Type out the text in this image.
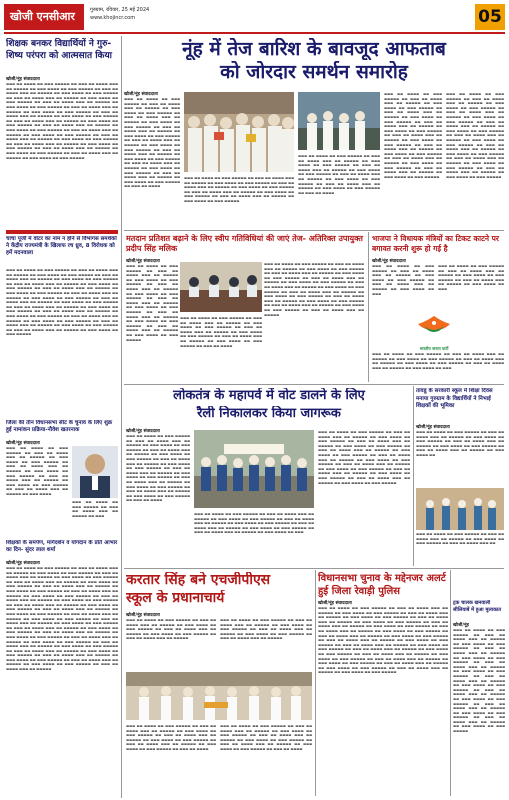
खोजी एनसीआर	गुरुग्राम, रविवार, 25 मई 2024
www.khojincr.com	05
शिक्षक बनकर विद्यार्थियों ने गुरु- शिष्य परंपरा को आत्मसात किया
खोजी/नूंह संवाददाता
▬▬▬ ▬▬ ▬▬▬▬ ▬▬ ▬▬▬ ▬▬▬▬▬ ▬▬ ▬▬▬ ▬▬ ▬▬▬▬ ▬▬▬ ▬▬ ▬▬▬▬▬ ▬▬ ▬▬▬ ▬▬▬▬ ▬▬ ▬▬▬ ▬▬▬▬▬ ▬▬ ▬▬▬ ▬▬ ▬▬▬▬ ▬▬▬ ▬▬ ▬▬▬▬▬ ▬▬ ▬▬▬ ▬▬▬▬ ▬▬ ▬▬▬ ▬▬▬▬▬ ▬▬ ▬▬▬ ▬▬ ▬▬▬▬ ▬▬▬ ▬▬ ▬▬▬▬▬ ▬▬ ▬▬▬ ▬▬▬▬ ▬▬ ▬▬▬ ▬▬▬▬▬ ▬▬ ▬▬▬ ▬▬ ▬▬▬▬ ▬▬▬ ▬▬ ▬▬▬▬▬ ▬▬ ▬▬▬ ▬▬▬▬ ▬▬ ▬▬▬ ▬▬▬▬▬ ▬▬ ▬▬▬ ▬▬ ▬▬▬▬ ▬▬▬ ▬▬ ▬▬▬▬▬ ▬▬ ▬▬▬ ▬▬▬▬ ▬▬ ▬▬▬ ▬▬▬▬▬ ▬▬ ▬▬▬ ▬▬ ▬▬▬▬ ▬▬▬ ▬▬ ▬▬▬▬▬ ▬▬ ▬▬▬ ▬▬▬▬ ▬▬ ▬▬▬ ▬▬▬▬▬ ▬▬ ▬▬▬ ▬▬ ▬▬▬▬ ▬▬▬ ▬▬ ▬▬▬▬▬ ▬▬ ▬▬▬ ▬▬▬▬ ▬▬ ▬▬▬ ▬▬▬▬▬ ▬▬ ▬▬▬ ▬▬ ▬▬▬▬ ▬▬▬ ▬▬ ▬▬▬▬▬ ▬▬ ▬▬▬ ▬▬▬▬ ▬▬ ▬▬▬ ▬▬▬▬▬ ▬▬ ▬▬▬ ▬▬ ▬▬▬▬ ▬▬▬ ▬▬ ▬▬▬▬▬ ▬▬ ▬▬▬ ▬▬▬▬ ▬▬ ▬▬▬ ▬▬▬▬▬ ▬▬ ▬▬▬ ▬▬ ▬▬▬▬ ▬▬▬ ▬▬ ▬▬▬▬▬ ▬▬ ▬▬▬ ▬▬▬▬ ▬▬ ▬▬▬ ▬▬▬▬▬ ▬▬ ▬▬▬ ▬▬ ▬▬▬▬ ▬▬▬ ▬▬ ▬▬▬▬▬ ▬▬ ▬▬▬ ▬▬▬▬ ▬▬ ▬▬▬ ▬▬▬▬▬ ▬▬ ▬▬▬ ▬▬ ▬▬▬▬ ▬▬▬ ▬▬ ▬▬▬▬▬ ▬▬ ▬▬▬ ▬▬▬▬ ▬▬ ▬▬▬ ▬▬▬▬▬ ▬▬ ▬▬▬ ▬▬ ▬▬▬▬ ▬▬▬ ▬▬ ▬▬▬▬▬ ▬▬ ▬▬▬ ▬▬▬▬ ▬▬ ▬▬▬ ▬▬▬▬▬
नूंह में तेज बारिश के बावजूद आफताब
को जोरदार समर्थन समारोह
खोजी/नूंह संवाददाता
▬▬▬ ▬▬ ▬▬▬▬ ▬▬ ▬▬▬ ▬▬▬▬▬ ▬▬ ▬▬▬ ▬▬ ▬▬▬▬ ▬▬▬ ▬▬ ▬▬▬▬▬ ▬▬ ▬▬▬ ▬▬▬▬ ▬▬ ▬▬▬ ▬▬▬▬▬ ▬▬ ▬▬▬ ▬▬ ▬▬▬▬ ▬▬▬ ▬▬ ▬▬▬▬▬ ▬▬ ▬▬▬ ▬▬▬▬ ▬▬ ▬▬▬ ▬▬▬▬▬ ▬▬ ▬▬▬ ▬▬ ▬▬▬▬ ▬▬▬ ▬▬ ▬▬▬▬▬ ▬▬ ▬▬▬ ▬▬▬▬ ▬▬ ▬▬▬ ▬▬▬▬▬ ▬▬ ▬▬▬ ▬▬ ▬▬▬▬ ▬▬▬ ▬▬ ▬▬▬▬▬ ▬▬ ▬▬▬ ▬▬▬▬ ▬▬ ▬▬▬ ▬▬▬▬▬ ▬▬ ▬▬▬ ▬▬ ▬▬▬▬ ▬▬▬ ▬▬ ▬▬▬▬▬ ▬▬ ▬▬▬ ▬▬▬▬ ▬▬ ▬▬▬ ▬▬▬▬▬ ▬▬ ▬▬▬ ▬▬ ▬▬▬▬ ▬▬▬ ▬▬ ▬▬▬▬▬ ▬▬ ▬▬▬ ▬▬▬▬ ▬▬ ▬▬▬ ▬▬▬▬▬ ▬▬ ▬▬▬ ▬▬ ▬▬▬▬ ▬▬▬ ▬▬ ▬▬▬▬▬ ▬▬ ▬▬▬ ▬▬▬▬ ▬▬ ▬▬▬ ▬▬▬▬▬ ▬▬ ▬▬▬ ▬▬ ▬▬▬▬
▬▬▬ ▬▬ ▬▬▬▬ ▬▬ ▬▬▬ ▬▬▬▬▬ ▬▬ ▬▬▬ ▬▬ ▬▬▬▬ ▬▬▬ ▬▬ ▬▬▬▬▬ ▬▬ ▬▬▬ ▬▬▬▬ ▬▬ ▬▬▬ ▬▬▬▬▬ ▬▬ ▬▬▬ ▬▬ ▬▬▬▬ ▬▬▬ ▬▬ ▬▬▬▬▬ ▬▬ ▬▬▬ ▬▬▬▬ ▬▬ ▬▬▬ ▬▬▬▬▬ ▬▬ ▬▬▬ ▬▬ ▬▬▬▬ ▬▬▬ ▬▬ ▬▬▬▬▬ ▬▬ ▬▬▬ ▬▬▬▬ ▬▬ ▬▬▬ ▬▬▬▬▬ ▬▬ ▬▬▬ ▬▬ ▬▬▬▬ ▬▬▬ ▬▬ ▬▬▬▬▬ ▬▬ ▬▬▬ ▬▬▬▬ ▬▬ ▬▬▬ ▬▬▬▬▬
▬▬▬ ▬▬ ▬▬▬▬ ▬▬ ▬▬▬ ▬▬▬▬▬ ▬▬ ▬▬▬ ▬▬ ▬▬▬▬ ▬▬▬ ▬▬ ▬▬▬▬▬ ▬▬ ▬▬▬ ▬▬▬▬ ▬▬ ▬▬▬ ▬▬▬▬▬ ▬▬ ▬▬▬ ▬▬ ▬▬▬▬ ▬▬▬ ▬▬ ▬▬▬▬▬ ▬▬ ▬▬▬ ▬▬▬▬ ▬▬ ▬▬▬ ▬▬▬▬▬ ▬▬ ▬▬▬ ▬▬ ▬▬▬▬ ▬▬▬ ▬▬ ▬▬▬▬▬ ▬▬ ▬▬▬ ▬▬▬▬ ▬▬ ▬▬▬ ▬▬▬▬▬ ▬▬ ▬▬▬ ▬▬ ▬▬▬▬ ▬▬▬ ▬▬ ▬▬▬▬▬ ▬▬ ▬▬▬ ▬▬▬▬ ▬▬ ▬▬▬ ▬▬▬▬▬ ▬▬ ▬▬▬ ▬▬ ▬▬▬▬
▬▬▬ ▬▬ ▬▬▬▬ ▬▬ ▬▬▬ ▬▬▬▬▬ ▬▬ ▬▬▬ ▬▬ ▬▬▬▬ ▬▬▬ ▬▬ ▬▬▬▬▬ ▬▬ ▬▬▬ ▬▬▬▬ ▬▬ ▬▬▬ ▬▬▬▬▬ ▬▬ ▬▬▬ ▬▬ ▬▬▬▬ ▬▬▬ ▬▬ ▬▬▬▬▬ ▬▬ ▬▬▬ ▬▬▬▬ ▬▬ ▬▬▬ ▬▬▬▬▬ ▬▬ ▬▬▬ ▬▬ ▬▬▬▬ ▬▬▬ ▬▬ ▬▬▬▬▬ ▬▬ ▬▬▬ ▬▬▬▬ ▬▬ ▬▬▬ ▬▬▬▬▬ ▬▬ ▬▬▬ ▬▬ ▬▬▬▬ ▬▬▬ ▬▬ ▬▬▬▬▬ ▬▬ ▬▬▬ ▬▬▬▬ ▬▬ ▬▬▬ ▬▬▬▬▬ ▬▬ ▬▬▬ ▬▬ ▬▬▬▬ ▬▬▬ ▬▬ ▬▬▬▬▬ ▬▬ ▬▬▬ ▬▬▬▬ ▬▬ ▬▬▬ ▬▬▬▬▬ ▬▬ ▬▬▬ ▬▬ ▬▬▬▬ ▬▬▬ ▬▬ ▬▬▬▬▬ ▬▬ ▬▬▬ ▬▬▬▬ ▬▬ ▬▬▬ ▬▬▬▬▬ ▬▬ ▬▬▬ ▬▬ ▬▬▬▬ ▬▬▬ ▬▬ ▬▬▬▬▬ ▬▬ ▬▬▬ ▬▬▬▬ ▬▬ ▬▬▬ ▬▬▬▬▬
▬▬▬ ▬▬ ▬▬▬▬ ▬▬ ▬▬▬ ▬▬▬▬▬ ▬▬ ▬▬▬ ▬▬ ▬▬▬▬ ▬▬▬ ▬▬ ▬▬▬▬▬ ▬▬ ▬▬▬ ▬▬▬▬ ▬▬ ▬▬▬ ▬▬▬▬▬ ▬▬ ▬▬▬ ▬▬ ▬▬▬▬ ▬▬▬ ▬▬ ▬▬▬▬▬ ▬▬ ▬▬▬ ▬▬▬▬ ▬▬ ▬▬▬ ▬▬▬▬▬ ▬▬ ▬▬▬ ▬▬ ▬▬▬▬ ▬▬▬ ▬▬ ▬▬▬▬▬ ▬▬ ▬▬▬ ▬▬▬▬ ▬▬ ▬▬▬ ▬▬▬▬▬ ▬▬ ▬▬▬ ▬▬ ▬▬▬▬ ▬▬▬ ▬▬ ▬▬▬▬▬ ▬▬ ▬▬▬ ▬▬▬▬ ▬▬ ▬▬▬ ▬▬▬▬▬ ▬▬ ▬▬▬ ▬▬ ▬▬▬▬ ▬▬▬ ▬▬ ▬▬▬▬▬ ▬▬ ▬▬▬ ▬▬▬▬ ▬▬ ▬▬▬ ▬▬▬▬▬ ▬▬ ▬▬▬ ▬▬ ▬▬▬▬ ▬▬▬ ▬▬ ▬▬▬▬▬ ▬▬ ▬▬▬ ▬▬▬▬ ▬▬ ▬▬▬ ▬▬▬▬▬ ▬▬ ▬▬▬ ▬▬ ▬▬▬▬ ▬▬▬ ▬▬ ▬▬▬▬▬ ▬▬ ▬▬▬ ▬▬▬▬ ▬▬ ▬▬▬ ▬▬▬▬▬
चाचा पूजी में वोटर का नाम न होने से विभागस समर्थकों ने केंद्रीय राज्यमंत्री के खिलाफ रच ध्रुव, 8 विरोधक को हमें मदनवाला
▬▬▬ ▬▬ ▬▬▬▬ ▬▬ ▬▬▬ ▬▬▬▬▬ ▬▬ ▬▬▬ ▬▬ ▬▬▬▬ ▬▬▬ ▬▬ ▬▬▬▬▬ ▬▬ ▬▬▬ ▬▬▬▬ ▬▬ ▬▬▬ ▬▬▬▬▬ ▬▬ ▬▬▬ ▬▬ ▬▬▬▬ ▬▬▬ ▬▬ ▬▬▬▬▬ ▬▬ ▬▬▬ ▬▬▬▬ ▬▬ ▬▬▬ ▬▬▬▬▬ ▬▬ ▬▬▬ ▬▬ ▬▬▬▬ ▬▬▬ ▬▬ ▬▬▬▬▬ ▬▬ ▬▬▬ ▬▬▬▬ ▬▬ ▬▬▬ ▬▬▬▬▬ ▬▬ ▬▬▬ ▬▬ ▬▬▬▬ ▬▬▬ ▬▬ ▬▬▬▬▬ ▬▬ ▬▬▬ ▬▬▬▬ ▬▬ ▬▬▬ ▬▬▬▬▬ ▬▬ ▬▬▬ ▬▬ ▬▬▬▬ ▬▬▬ ▬▬ ▬▬▬▬▬ ▬▬ ▬▬▬ ▬▬▬▬ ▬▬ ▬▬▬ ▬▬▬▬▬ ▬▬ ▬▬▬ ▬▬ ▬▬▬▬ ▬▬▬ ▬▬ ▬▬▬▬▬ ▬▬ ▬▬▬ ▬▬▬▬ ▬▬ ▬▬▬ ▬▬▬▬▬ ▬▬ ▬▬▬ ▬▬ ▬▬▬▬ ▬▬▬ ▬▬ ▬▬▬▬▬ ▬▬ ▬▬▬ ▬▬▬▬ ▬▬ ▬▬▬ ▬▬▬▬▬ ▬▬ ▬▬▬ ▬▬ ▬▬▬▬ ▬▬▬ ▬▬ ▬▬▬▬▬ ▬▬ ▬▬▬ ▬▬▬▬ ▬▬ ▬▬▬ ▬▬▬▬▬ ▬▬ ▬▬▬ ▬▬ ▬▬▬▬ ▬▬▬ ▬▬ ▬▬▬▬▬ ▬▬ ▬▬▬ ▬▬▬▬ ▬▬ ▬▬▬ ▬▬▬▬▬ ▬▬ ▬▬▬ ▬▬ ▬▬▬▬ ▬▬▬ ▬▬ ▬▬▬▬▬ ▬▬ ▬▬▬ ▬▬▬▬ ▬▬ ▬▬▬ ▬▬▬▬▬ ▬▬ ▬▬▬ ▬▬ ▬▬▬▬ ▬▬▬ ▬▬ ▬▬▬▬▬ ▬▬ ▬▬▬ ▬▬▬▬ ▬▬ ▬▬▬ ▬▬▬▬▬
मतदान प्रतिशत बढ़ाने के लिए स्वीप गतिविधियां की जाएं तेज- अतिरिक्त उपायुक्त प्रदीप सिंह मलिक
खोजी/नूंह संवाददाता
▬▬▬ ▬▬ ▬▬▬▬ ▬▬ ▬▬▬ ▬▬▬▬▬ ▬▬ ▬▬▬ ▬▬ ▬▬▬▬ ▬▬▬ ▬▬ ▬▬▬▬▬ ▬▬ ▬▬▬ ▬▬▬▬ ▬▬ ▬▬▬ ▬▬▬▬▬ ▬▬ ▬▬▬ ▬▬ ▬▬▬▬ ▬▬▬ ▬▬ ▬▬▬▬▬ ▬▬ ▬▬▬ ▬▬▬▬ ▬▬ ▬▬▬ ▬▬▬▬▬ ▬▬ ▬▬▬ ▬▬ ▬▬▬▬ ▬▬▬ ▬▬ ▬▬▬▬▬ ▬▬ ▬▬▬ ▬▬▬▬ ▬▬ ▬▬▬ ▬▬▬▬▬ ▬▬ ▬▬▬ ▬▬ ▬▬▬▬ ▬▬▬ ▬▬ ▬▬▬▬▬ ▬▬ ▬▬▬ ▬▬▬▬ ▬▬ ▬▬▬ ▬▬▬▬▬ ▬▬ ▬▬▬ ▬▬ ▬▬▬▬ ▬▬▬ ▬▬ ▬▬▬▬▬ ▬▬ ▬▬▬ ▬▬▬▬ ▬▬ ▬▬▬ ▬▬▬▬▬
▬▬▬ ▬▬ ▬▬▬▬ ▬▬ ▬▬▬ ▬▬▬▬▬ ▬▬ ▬▬▬ ▬▬ ▬▬▬▬ ▬▬▬ ▬▬ ▬▬▬▬▬ ▬▬ ▬▬▬ ▬▬▬▬ ▬▬ ▬▬▬ ▬▬▬▬▬ ▬▬ ▬▬▬ ▬▬ ▬▬▬▬ ▬▬▬ ▬▬ ▬▬▬▬▬ ▬▬ ▬▬▬ ▬▬▬▬ ▬▬ ▬▬▬ ▬▬▬▬▬ ▬▬ ▬▬▬ ▬▬ ▬▬▬▬ ▬▬▬ ▬▬ ▬▬▬▬▬ ▬▬ ▬▬▬ ▬▬▬▬ ▬▬ ▬▬▬ ▬▬▬▬▬ ▬▬ ▬▬▬ ▬▬ ▬▬▬▬ ▬▬▬ ▬▬ ▬▬▬▬▬ ▬▬ ▬▬▬ ▬▬▬▬ ▬▬ ▬▬▬ ▬▬▬▬▬ ▬▬ ▬▬▬ ▬▬ ▬▬▬▬ ▬▬▬ ▬▬ ▬▬▬▬▬ ▬▬ ▬▬▬ ▬▬▬▬ ▬▬ ▬▬▬ ▬▬▬▬▬ ▬▬ ▬▬▬ ▬▬ ▬▬▬▬ ▬▬▬ ▬▬ ▬▬▬▬▬ ▬▬ ▬▬▬ ▬▬▬▬ ▬▬ ▬▬▬ ▬▬▬▬▬ ▬▬ ▬▬▬ ▬▬ ▬▬▬▬ ▬▬▬ ▬▬ ▬▬▬▬▬ ▬▬ ▬▬▬ ▬▬▬▬ ▬▬ ▬▬▬ ▬▬▬▬▬ ▬▬ ▬▬▬ ▬▬ ▬▬▬▬ ▬▬▬ ▬▬ ▬▬▬▬▬
▬▬▬ ▬▬ ▬▬▬▬ ▬▬ ▬▬▬ ▬▬▬▬▬ ▬▬ ▬▬▬ ▬▬ ▬▬▬▬ ▬▬▬ ▬▬ ▬▬▬▬▬ ▬▬ ▬▬▬ ▬▬▬▬ ▬▬ ▬▬▬ ▬▬▬▬▬ ▬▬ ▬▬▬ ▬▬ ▬▬▬▬ ▬▬▬ ▬▬ ▬▬▬▬▬ ▬▬ ▬▬▬ ▬▬▬▬ ▬▬ ▬▬▬ ▬▬▬▬▬ ▬▬ ▬▬▬ ▬▬ ▬▬▬▬ ▬▬▬ ▬▬ ▬▬▬▬▬ ▬▬ ▬▬▬ ▬▬▬▬ ▬▬ ▬▬▬ ▬▬▬▬▬ ▬▬ ▬▬▬ ▬▬ ▬▬▬▬
भाजपा ने विधायक मंत्रियों का टिकट काटने पर बगावत करनी शुरू हो गई है
खोजी/नूंह संवाददाता
▬▬▬ ▬▬ ▬▬▬▬ ▬▬ ▬▬▬ ▬▬▬▬▬ ▬▬ ▬▬▬ ▬▬ ▬▬▬▬ ▬▬▬ ▬▬ ▬▬▬▬▬ ▬▬ ▬▬▬ ▬▬▬▬ ▬▬ ▬▬▬ ▬▬▬▬▬ ▬▬ ▬▬▬ ▬▬ ▬▬▬▬ ▬▬▬ ▬▬ ▬▬▬▬▬ ▬▬ ▬▬▬ ▬▬▬▬ ▬▬ ▬▬▬
▬▬▬ ▬▬ ▬▬▬▬ ▬▬ ▬▬▬ ▬▬▬▬▬ ▬▬ ▬▬▬ ▬▬ ▬▬▬▬ ▬▬▬ ▬▬ ▬▬▬▬▬ ▬▬ ▬▬▬ ▬▬▬▬ ▬▬ ▬▬▬ ▬▬▬▬▬ ▬▬ ▬▬▬ ▬▬ ▬▬▬▬ ▬▬▬ ▬▬ ▬▬▬▬▬ ▬▬ ▬▬▬ ▬▬▬▬ ▬▬ ▬▬▬
भारतीय जनता पार्टी
▬▬▬ ▬▬ ▬▬▬▬ ▬▬ ▬▬▬ ▬▬▬▬▬ ▬▬ ▬▬▬ ▬▬ ▬▬▬▬ ▬▬▬ ▬▬ ▬▬▬▬▬ ▬▬ ▬▬▬ ▬▬▬▬ ▬▬ ▬▬▬ ▬▬▬▬▬ ▬▬ ▬▬▬ ▬▬ ▬▬▬▬ ▬▬▬ ▬▬ ▬▬▬▬▬ ▬▬ ▬▬▬ ▬▬▬▬ ▬▬ ▬▬▬ ▬▬▬▬▬ ▬▬ ▬▬▬ ▬▬ ▬▬▬▬ ▬▬▬ ▬▬ ▬▬▬▬▬ ▬▬ ▬▬▬ ▬▬▬▬ ▬▬ ▬▬▬
लोकतंत्र के महापर्व में वोट डालने के लिए
रैली निकालकर किया जागरूक
खोजी/नूंह संवाददाता
▬▬▬ ▬▬ ▬▬▬▬ ▬▬ ▬▬▬ ▬▬▬▬▬ ▬▬ ▬▬▬ ▬▬ ▬▬▬▬ ▬▬▬ ▬▬ ▬▬▬▬▬ ▬▬ ▬▬▬ ▬▬▬▬ ▬▬ ▬▬▬ ▬▬▬▬▬ ▬▬ ▬▬▬ ▬▬ ▬▬▬▬ ▬▬▬ ▬▬ ▬▬▬▬▬ ▬▬ ▬▬▬ ▬▬▬▬ ▬▬ ▬▬▬ ▬▬▬▬▬ ▬▬ ▬▬▬ ▬▬ ▬▬▬▬ ▬▬▬ ▬▬ ▬▬▬▬▬ ▬▬ ▬▬▬ ▬▬▬▬ ▬▬ ▬▬▬ ▬▬▬▬▬ ▬▬ ▬▬▬ ▬▬ ▬▬▬▬ ▬▬▬ ▬▬ ▬▬▬▬▬ ▬▬ ▬▬▬ ▬▬▬▬ ▬▬ ▬▬▬ ▬▬▬▬▬ ▬▬ ▬▬▬ ▬▬ ▬▬▬▬ ▬▬▬ ▬▬ ▬▬▬▬▬ ▬▬ ▬▬▬ ▬▬▬▬ ▬▬ ▬▬▬ ▬▬▬▬▬ ▬▬ ▬▬▬ ▬▬ ▬▬▬▬ ▬▬▬ ▬▬ ▬▬▬▬▬ ▬▬ ▬▬▬ ▬▬▬▬ ▬▬ ▬▬▬ ▬▬▬▬▬ ▬▬ ▬▬▬ ▬▬ ▬▬▬▬
▬▬▬ ▬▬ ▬▬▬▬ ▬▬ ▬▬▬ ▬▬▬▬▬ ▬▬ ▬▬▬ ▬▬ ▬▬▬▬ ▬▬▬ ▬▬ ▬▬▬▬▬ ▬▬ ▬▬▬ ▬▬▬▬ ▬▬ ▬▬▬ ▬▬▬▬▬ ▬▬ ▬▬▬ ▬▬ ▬▬▬▬ ▬▬▬ ▬▬ ▬▬▬▬▬ ▬▬ ▬▬▬ ▬▬▬▬ ▬▬ ▬▬▬ ▬▬▬▬▬ ▬▬ ▬▬▬ ▬▬ ▬▬▬▬ ▬▬▬ ▬▬ ▬▬▬▬▬ ▬▬ ▬▬▬ ▬▬▬▬ ▬▬ ▬▬▬ ▬▬▬▬▬ ▬▬ ▬▬▬ ▬▬ ▬▬▬▬ ▬▬▬ ▬▬ ▬▬▬▬▬ ▬▬ ▬▬▬ ▬▬▬▬ ▬▬ ▬▬▬
▬▬▬ ▬▬ ▬▬▬▬ ▬▬ ▬▬▬ ▬▬▬▬▬ ▬▬ ▬▬▬ ▬▬ ▬▬▬▬ ▬▬▬ ▬▬ ▬▬▬▬▬ ▬▬ ▬▬▬ ▬▬▬▬ ▬▬ ▬▬▬ ▬▬▬▬▬ ▬▬ ▬▬▬ ▬▬ ▬▬▬▬ ▬▬▬ ▬▬ ▬▬▬▬▬ ▬▬ ▬▬▬ ▬▬▬▬ ▬▬ ▬▬▬ ▬▬▬▬▬ ▬▬ ▬▬▬ ▬▬ ▬▬▬▬ ▬▬▬ ▬▬ ▬▬▬▬▬ ▬▬ ▬▬▬ ▬▬▬▬ ▬▬ ▬▬▬ ▬▬▬▬▬ ▬▬ ▬▬▬ ▬▬ ▬▬▬▬ ▬▬▬ ▬▬ ▬▬▬▬▬ ▬▬ ▬▬▬ ▬▬▬▬ ▬▬ ▬▬▬ ▬▬▬▬▬ ▬▬ ▬▬▬ ▬▬ ▬▬▬▬ ▬▬▬ ▬▬ ▬▬▬▬▬ ▬▬ ▬▬▬ ▬▬▬▬ ▬▬ ▬▬▬ ▬▬▬▬▬ ▬▬ ▬▬▬ ▬▬ ▬▬▬▬ ▬▬▬ ▬▬ ▬▬▬▬▬ ▬▬ ▬▬▬ ▬▬▬▬ ▬▬ ▬▬▬ ▬▬▬▬▬ ▬▬ ▬▬▬ ▬▬ ▬▬▬▬ ▬▬▬ ▬▬ ▬▬▬▬▬ ▬▬ ▬▬▬ ▬▬▬▬ ▬▬ ▬▬▬ ▬▬▬▬▬
तावडू के सरकारी स्कूल में शिक्षा दिवस मनाया गुरुग्राम के विद्यार्थियों ने निभाई शिक्षकों की भूमिका
खोजी/नूंह संवाददाता
▬▬▬ ▬▬ ▬▬▬▬ ▬▬ ▬▬▬ ▬▬▬▬▬ ▬▬ ▬▬▬ ▬▬ ▬▬▬▬ ▬▬▬ ▬▬ ▬▬▬▬▬ ▬▬ ▬▬▬ ▬▬▬▬ ▬▬ ▬▬▬ ▬▬▬▬▬ ▬▬ ▬▬▬ ▬▬ ▬▬▬▬ ▬▬▬ ▬▬ ▬▬▬▬▬ ▬▬ ▬▬▬ ▬▬▬▬ ▬▬ ▬▬▬ ▬▬▬▬▬ ▬▬ ▬▬▬ ▬▬ ▬▬▬▬ ▬▬▬ ▬▬ ▬▬▬▬▬ ▬▬ ▬▬▬ ▬▬▬▬ ▬▬
▬▬▬ ▬▬ ▬▬▬▬ ▬▬ ▬▬▬ ▬▬▬▬▬ ▬▬ ▬▬▬ ▬▬ ▬▬▬▬ ▬▬▬ ▬▬ ▬▬▬▬▬ ▬▬ ▬▬▬ ▬▬▬▬ ▬▬ ▬▬▬ ▬▬▬▬▬ ▬▬ ▬▬▬ ▬▬ ▬▬▬▬ ▬▬▬ ▬▬
जिला की तीन विधानसभा सीट के चुनाव के लिए शुक्र हुई नामांकन प्रक्रिया-नौवेश खतरनाक
खोजी/नूंह संवाददाता
▬▬▬ ▬▬ ▬▬▬▬ ▬▬ ▬▬▬ ▬▬▬▬▬ ▬▬ ▬▬▬ ▬▬ ▬▬▬▬ ▬▬▬ ▬▬ ▬▬▬▬▬ ▬▬ ▬▬▬ ▬▬▬▬ ▬▬ ▬▬▬ ▬▬▬▬▬ ▬▬ ▬▬▬ ▬▬ ▬▬▬▬ ▬▬▬ ▬▬ ▬▬▬▬▬ ▬▬ ▬▬▬ ▬▬▬▬ ▬▬ ▬▬▬ ▬▬▬▬▬ ▬▬ ▬▬▬ ▬▬ ▬▬▬▬ ▬▬▬ ▬▬ ▬▬▬▬▬ ▬▬ ▬▬▬ ▬▬▬▬ ▬▬ ▬▬▬ ▬▬▬▬▬ ▬▬ ▬▬▬ ▬▬ ▬▬▬▬ ▬▬▬ ▬▬ ▬▬▬▬▬ ▬▬ ▬▬▬ ▬▬▬▬
▬▬▬ ▬▬ ▬▬▬▬ ▬▬ ▬▬▬ ▬▬▬▬▬ ▬▬ ▬▬▬ ▬▬ ▬▬▬▬ ▬▬▬ ▬▬ ▬▬▬▬▬ ▬▬ ▬▬▬
शिक्षकों के समर्पण, मार्गदर्शन व योगदान के प्रति आभार का दिन- सुंदर लाल शर्मा
खोजी/नूंह संवाददाता
▬▬▬ ▬▬ ▬▬▬▬ ▬▬ ▬▬▬ ▬▬▬▬▬ ▬▬ ▬▬▬ ▬▬ ▬▬▬▬ ▬▬▬ ▬▬ ▬▬▬▬▬ ▬▬ ▬▬▬ ▬▬▬▬ ▬▬ ▬▬▬ ▬▬▬▬▬ ▬▬ ▬▬▬ ▬▬ ▬▬▬▬ ▬▬▬ ▬▬ ▬▬▬▬▬ ▬▬ ▬▬▬ ▬▬▬▬ ▬▬ ▬▬▬ ▬▬▬▬▬ ▬▬ ▬▬▬ ▬▬ ▬▬▬▬ ▬▬▬ ▬▬ ▬▬▬▬▬ ▬▬ ▬▬▬ ▬▬▬▬ ▬▬ ▬▬▬ ▬▬▬▬▬ ▬▬ ▬▬▬ ▬▬ ▬▬▬▬ ▬▬▬ ▬▬ ▬▬▬▬▬ ▬▬ ▬▬▬ ▬▬▬▬ ▬▬ ▬▬▬ ▬▬▬▬▬ ▬▬ ▬▬▬ ▬▬ ▬▬▬▬ ▬▬▬ ▬▬ ▬▬▬▬▬ ▬▬ ▬▬▬ ▬▬▬▬ ▬▬ ▬▬▬ ▬▬▬▬▬ ▬▬ ▬▬▬ ▬▬ ▬▬▬▬ ▬▬▬ ▬▬ ▬▬▬▬▬ ▬▬ ▬▬▬ ▬▬▬▬ ▬▬ ▬▬▬ ▬▬▬▬▬ ▬▬ ▬▬▬ ▬▬ ▬▬▬▬ ▬▬▬ ▬▬ ▬▬▬▬▬ ▬▬ ▬▬▬ ▬▬▬▬ ▬▬ ▬▬▬ ▬▬▬▬▬ ▬▬ ▬▬▬ ▬▬ ▬▬▬▬ ▬▬▬ ▬▬ ▬▬▬▬▬ ▬▬ ▬▬▬ ▬▬▬▬ ▬▬ ▬▬▬ ▬▬▬▬▬ ▬▬ ▬▬▬ ▬▬ ▬▬▬▬ ▬▬▬ ▬▬ ▬▬▬▬▬ ▬▬ ▬▬▬ ▬▬▬▬ ▬▬ ▬▬▬ ▬▬▬▬▬ ▬▬ ▬▬▬ ▬▬ ▬▬▬▬ ▬▬▬ ▬▬ ▬▬▬▬▬ ▬▬ ▬▬▬ ▬▬▬▬ ▬▬ ▬▬▬ ▬▬▬▬▬ ▬▬ ▬▬▬ ▬▬ ▬▬▬▬ ▬▬▬ ▬▬ ▬▬▬▬▬ ▬▬ ▬▬▬ ▬▬▬▬ ▬▬ ▬▬▬ ▬▬▬▬▬ ▬▬ ▬▬▬ ▬▬ ▬▬▬▬ ▬▬▬ ▬▬ ▬▬▬▬▬ ▬▬ ▬▬▬ ▬▬▬▬ ▬▬ ▬▬▬ ▬▬▬▬▬ ▬▬ ▬▬▬ ▬▬ ▬▬▬▬ ▬▬▬ ▬▬ ▬▬▬▬▬ ▬▬ ▬▬▬ ▬▬▬▬ ▬▬ ▬▬▬ ▬▬▬▬▬ ▬▬ ▬▬▬ ▬▬ ▬▬▬▬ ▬▬▬ ▬▬ ▬▬▬▬▬ ▬▬ ▬▬▬ ▬▬▬▬ ▬▬ ▬▬▬ ▬▬▬▬▬ ▬▬ ▬▬▬ ▬▬ ▬▬▬▬ ▬▬▬ ▬▬ ▬▬▬▬▬ ▬▬ ▬▬▬ ▬▬▬▬ ▬▬ ▬▬▬ ▬▬▬▬▬ ▬▬ ▬▬▬ ▬▬ ▬▬▬▬ ▬▬▬ ▬▬ ▬▬▬▬▬ ▬▬ ▬▬▬ ▬▬▬▬ ▬▬ ▬▬▬ ▬▬▬▬▬ ▬▬ ▬▬▬ ▬▬ ▬▬▬▬ ▬▬▬ ▬▬ ▬▬▬▬▬ ▬▬ ▬▬▬ ▬▬▬▬ ▬▬ ▬▬▬ ▬▬▬▬▬ ▬▬ ▬▬▬ ▬▬ ▬▬▬▬ ▬▬▬ ▬▬ ▬▬▬▬▬
करतार सिंह बने एचजीपीएस
स्कूल के प्रधानाचार्य
खोजी/नूंह संवाददाता
▬▬▬ ▬▬ ▬▬▬▬ ▬▬ ▬▬▬ ▬▬▬▬▬ ▬▬ ▬▬▬ ▬▬ ▬▬▬▬ ▬▬▬ ▬▬ ▬▬▬▬▬ ▬▬ ▬▬▬ ▬▬▬▬ ▬▬ ▬▬▬ ▬▬▬▬▬ ▬▬ ▬▬▬ ▬▬ ▬▬▬▬ ▬▬▬ ▬▬ ▬▬▬▬▬ ▬▬ ▬▬▬ ▬▬▬▬ ▬▬ ▬▬▬ ▬▬▬▬▬ ▬▬ ▬▬▬ ▬▬ ▬▬▬▬ ▬▬▬ ▬▬ ▬▬▬▬▬
▬▬▬ ▬▬ ▬▬▬▬ ▬▬ ▬▬▬ ▬▬▬▬▬ ▬▬ ▬▬▬ ▬▬ ▬▬▬▬ ▬▬▬ ▬▬ ▬▬▬▬▬ ▬▬ ▬▬▬ ▬▬▬▬ ▬▬ ▬▬▬ ▬▬▬▬▬ ▬▬ ▬▬▬ ▬▬ ▬▬▬▬ ▬▬▬ ▬▬ ▬▬▬▬▬ ▬▬ ▬▬▬ ▬▬▬▬ ▬▬ ▬▬▬ ▬▬▬▬▬ ▬▬ ▬▬▬ ▬▬ ▬▬▬▬ ▬▬▬ ▬▬ ▬▬▬▬▬
▬▬▬ ▬▬ ▬▬▬▬ ▬▬ ▬▬▬ ▬▬▬▬▬ ▬▬ ▬▬▬ ▬▬ ▬▬▬▬ ▬▬▬ ▬▬ ▬▬▬▬▬ ▬▬ ▬▬▬ ▬▬▬▬ ▬▬ ▬▬▬ ▬▬▬▬▬ ▬▬ ▬▬▬ ▬▬ ▬▬▬▬ ▬▬▬ ▬▬ ▬▬▬▬▬ ▬▬ ▬▬▬ ▬▬▬▬ ▬▬ ▬▬▬ ▬▬▬▬▬ ▬▬ ▬▬▬ ▬▬ ▬▬▬▬ ▬▬▬ ▬▬ ▬▬▬▬▬ ▬▬ ▬▬▬ ▬▬▬▬ ▬▬ ▬▬▬ ▬▬▬▬▬ ▬▬ ▬▬▬ ▬▬ ▬▬▬▬
▬▬▬ ▬▬ ▬▬▬▬ ▬▬ ▬▬▬ ▬▬▬▬▬ ▬▬ ▬▬▬ ▬▬ ▬▬▬▬ ▬▬▬ ▬▬ ▬▬▬▬▬ ▬▬ ▬▬▬ ▬▬▬▬ ▬▬ ▬▬▬ ▬▬▬▬▬ ▬▬ ▬▬▬ ▬▬ ▬▬▬▬ ▬▬▬ ▬▬ ▬▬▬▬▬ ▬▬ ▬▬▬ ▬▬▬▬ ▬▬ ▬▬▬ ▬▬▬▬▬ ▬▬ ▬▬▬ ▬▬ ▬▬▬▬ ▬▬▬ ▬▬ ▬▬▬▬▬ ▬▬ ▬▬▬ ▬▬▬▬ ▬▬ ▬▬▬ ▬▬▬▬▬ ▬▬ ▬▬▬ ▬▬ ▬▬▬▬
विधानसभा चुनाव के मद्देनजर अलर्ट हुई जिला रेवाड़ी पुलिस
खोजी/नूंह संवाददाता
▬▬▬ ▬▬ ▬▬▬▬ ▬▬ ▬▬▬ ▬▬▬▬▬ ▬▬ ▬▬▬ ▬▬ ▬▬▬▬ ▬▬▬ ▬▬ ▬▬▬▬▬ ▬▬ ▬▬▬ ▬▬▬▬ ▬▬ ▬▬▬ ▬▬▬▬▬ ▬▬ ▬▬▬ ▬▬ ▬▬▬▬ ▬▬▬ ▬▬ ▬▬▬▬▬ ▬▬ ▬▬▬ ▬▬▬▬ ▬▬ ▬▬▬ ▬▬▬▬▬ ▬▬ ▬▬▬ ▬▬ ▬▬▬▬ ▬▬▬ ▬▬ ▬▬▬▬▬ ▬▬ ▬▬▬ ▬▬▬▬ ▬▬ ▬▬▬ ▬▬▬▬▬ ▬▬ ▬▬▬ ▬▬ ▬▬▬▬ ▬▬▬ ▬▬ ▬▬▬▬▬ ▬▬ ▬▬▬ ▬▬▬▬ ▬▬ ▬▬▬ ▬▬▬▬▬ ▬▬ ▬▬▬ ▬▬ ▬▬▬▬ ▬▬▬ ▬▬ ▬▬▬▬▬ ▬▬ ▬▬▬ ▬▬▬▬ ▬▬ ▬▬▬ ▬▬▬▬▬ ▬▬ ▬▬▬ ▬▬ ▬▬▬▬ ▬▬▬ ▬▬ ▬▬▬▬▬ ▬▬ ▬▬▬ ▬▬▬▬ ▬▬ ▬▬▬ ▬▬▬▬▬ ▬▬ ▬▬▬ ▬▬ ▬▬▬▬ ▬▬▬ ▬▬ ▬▬▬▬▬ ▬▬ ▬▬▬ ▬▬▬▬ ▬▬ ▬▬▬ ▬▬▬▬▬ ▬▬ ▬▬▬ ▬▬ ▬▬▬▬ ▬▬▬ ▬▬ ▬▬▬▬▬ ▬▬ ▬▬▬ ▬▬▬▬ ▬▬ ▬▬▬ ▬▬▬▬▬ ▬▬ ▬▬▬ ▬▬ ▬▬▬▬ ▬▬▬ ▬▬ ▬▬▬▬▬ ▬▬ ▬▬▬ ▬▬▬▬ ▬▬ ▬▬▬ ▬▬▬▬▬ ▬▬ ▬▬▬ ▬▬ ▬▬▬▬ ▬▬▬ ▬▬ ▬▬▬▬▬ ▬▬ ▬▬▬ ▬▬▬▬ ▬▬ ▬▬▬ ▬▬▬▬▬ ▬▬ ▬▬▬ ▬▬ ▬▬▬▬ ▬▬▬ ▬▬ ▬▬▬▬▬ ▬▬ ▬▬▬ ▬▬▬▬ ▬▬ ▬▬▬ ▬▬▬▬▬ ▬▬ ▬▬▬ ▬▬ ▬▬▬▬ ▬▬▬ ▬▬ ▬▬▬▬▬ ▬▬ ▬▬▬ ▬▬▬▬ ▬▬ ▬▬▬ ▬▬▬▬▬ ▬▬ ▬▬▬ ▬▬ ▬▬▬▬ ▬▬▬ ▬▬ ▬▬▬▬▬ ▬▬ ▬▬▬ ▬▬▬▬ ▬▬ ▬▬▬ ▬▬▬▬▬
ट्रक चालक खनवाली सीलियाबें में हुआ मुलाकात
खोजी/नूंह
▬▬▬ ▬▬ ▬▬▬▬ ▬▬ ▬▬▬ ▬▬▬▬▬ ▬▬ ▬▬▬ ▬▬ ▬▬▬▬ ▬▬▬ ▬▬ ▬▬▬▬▬ ▬▬ ▬▬▬ ▬▬▬▬ ▬▬ ▬▬▬ ▬▬▬▬▬ ▬▬ ▬▬▬ ▬▬ ▬▬▬▬ ▬▬▬ ▬▬ ▬▬▬▬▬ ▬▬ ▬▬▬ ▬▬▬▬ ▬▬ ▬▬▬ ▬▬▬▬▬ ▬▬ ▬▬▬ ▬▬ ▬▬▬▬ ▬▬▬ ▬▬ ▬▬▬▬▬ ▬▬ ▬▬▬ ▬▬▬▬ ▬▬ ▬▬▬ ▬▬▬▬▬ ▬▬ ▬▬▬ ▬▬ ▬▬▬▬ ▬▬▬ ▬▬ ▬▬▬▬▬ ▬▬ ▬▬▬ ▬▬▬▬ ▬▬ ▬▬▬ ▬▬▬▬▬ ▬▬ ▬▬▬ ▬▬ ▬▬▬▬ ▬▬▬ ▬▬ ▬▬▬▬▬ ▬▬ ▬▬▬ ▬▬▬▬ ▬▬ ▬▬▬ ▬▬▬▬▬ ▬▬ ▬▬▬ ▬▬ ▬▬▬▬ ▬▬▬ ▬▬ ▬▬▬▬▬ ▬▬ ▬▬▬ ▬▬▬▬ ▬▬ ▬▬▬ ▬▬▬▬▬ ▬▬ ▬▬▬ ▬▬ ▬▬▬▬ ▬▬▬ ▬▬ ▬▬▬▬▬ ▬▬ ▬▬▬ ▬▬▬▬ ▬▬ ▬▬▬ ▬▬▬▬▬
